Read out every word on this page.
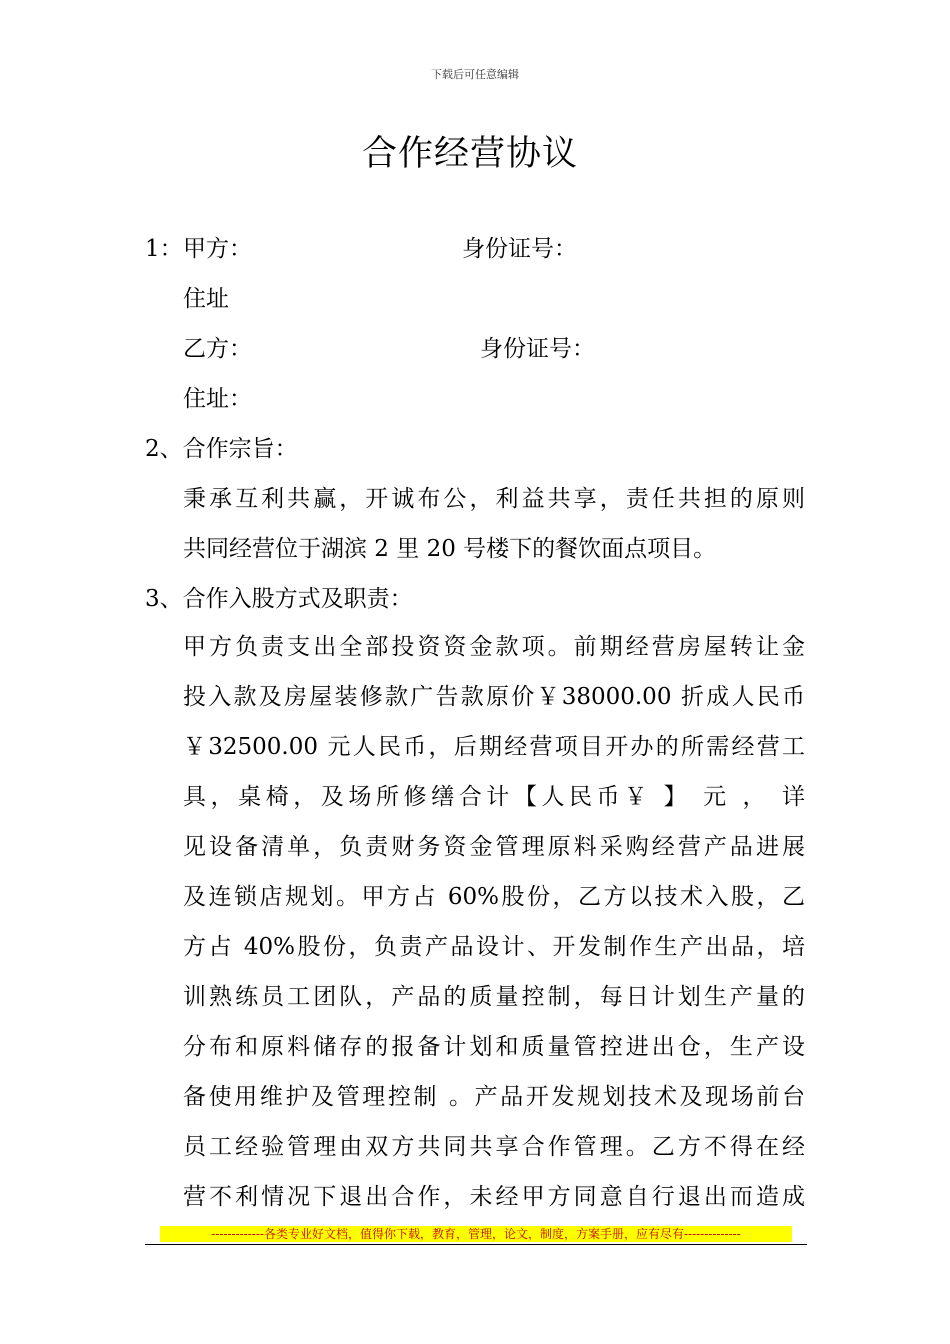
下载后可任意编辑
合作经营协议
1： 甲方：	身份证号：
住址
乙方：	身份证号：
住址：
2、合作宗旨：
秉承互利共赢，开诚布公，利益共享，责任共担的原则
共同经营位于湖滨 2 里 20 号楼下的餐饮面点项目。
3、合作入股方式及职责：
甲方负责支出全部投资资金款项。前期经营房屋转让金
投入款及房屋装修款广告款原价￥38000.00 折成人民币
￥32500.00 元人民币，后期经营项目开办的所需经营工
具，桌椅，及场所修缮合计【人民币￥ 】 元 ， 详
见设备清单，负责财务资金管理原料采购经营产品进展
及连锁店规划。甲方占 60%股份，乙方以技术入股，乙
方占 40%股份，负责产品设计、开发制作生产出品，培
训熟练员工团队，产品的质量控制，每日计划生产量的
分布和原料储存的报备计划和质量管控进出仓，生产设
备使用维护及管理控制 。产品开发规划技术及现场前台
员工经验管理由双方共同共享合作管理。乙方不得在经
营不利情况下退出合作，未经甲方同意自行退出而造成
-------------各类专业好文档，值得你下载，教育，管理，论文，制度，方案手册，应有尽有--------------
